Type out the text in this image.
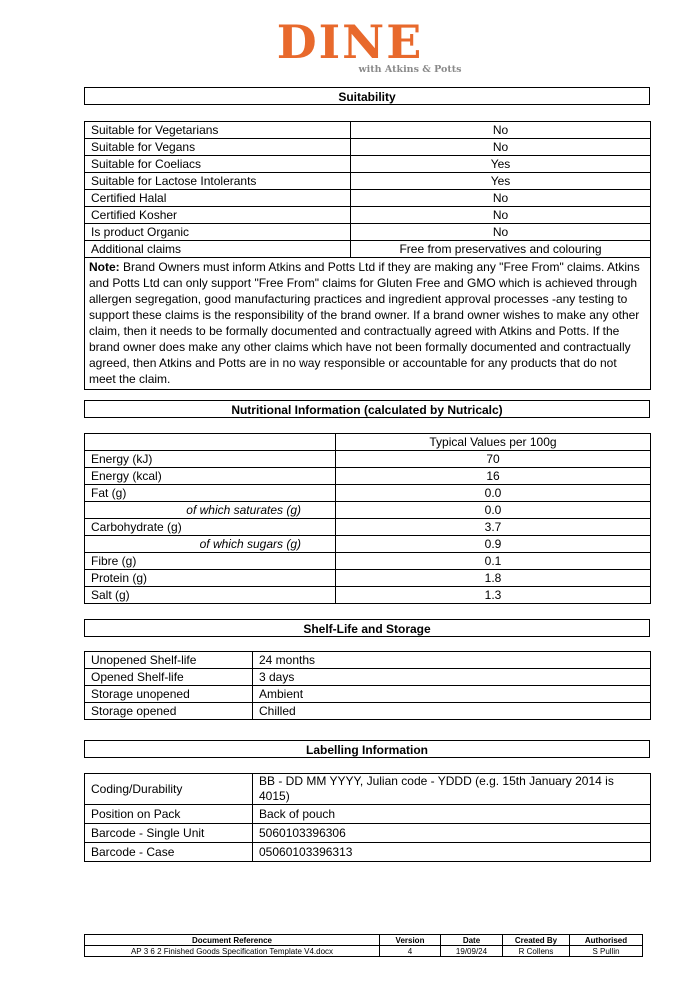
DINE
with Atkins & Potts
Suitability
Suitable for Vegetarians	No
Suitable for Vegans	No
Suitable for Coeliacs	Yes
Suitable for Lactose Intolerants	Yes
Certified Halal	No
Certified Kosher	No
Is product Organic	No
Additional claims	Free from preservatives and colouring
Note: Brand Owners must inform Atkins and Potts Ltd if they are making any "Free From" claims. Atkins and Potts Ltd can only support "Free From" claims for Gluten Free and GMO which is achieved through allergen segregation, good manufacturing practices and ingredient approval processes -any testing to support these claims is the responsibility of the brand owner. If a brand owner wishes to make any other claim, then it needs to be formally documented and contractually agreed with Atkins and Potts. If the brand owner does make any other claims which have not been formally documented and contractually agreed, then Atkins and Potts are in no way responsible or accountable for any products that do not meet the claim.	
Nutritional Information (calculated by Nutricalc)
	Typical Values per 100g
Energy (kJ)	70
Energy (kcal)	16
Fat (g)	0.0
of which saturates (g)	0.0
Carbohydrate (g)	3.7
of which sugars (g)	0.9
Fibre (g)	0.1
Protein (g)	1.8
Salt (g)	1.3
Shelf-Life and Storage
Unopened Shelf-life	24 months
Opened Shelf-life	3 days
Storage unopened	Ambient
Storage opened	Chilled
Labelling Information
Coding/Durability	BB - DD MM YYYY, Julian code - YDDD (e.g. 15th January 2014 is 4015)
Position on Pack	Back of pouch
Barcode - Single Unit	5060103396306
Barcode - Case	05060103396313
Document Reference	Version	Date	Created By	Authorised
AP 3 6 2 Finished Goods Specification Template V4.docx	4	19/09/24	R Collens	S Pullin
